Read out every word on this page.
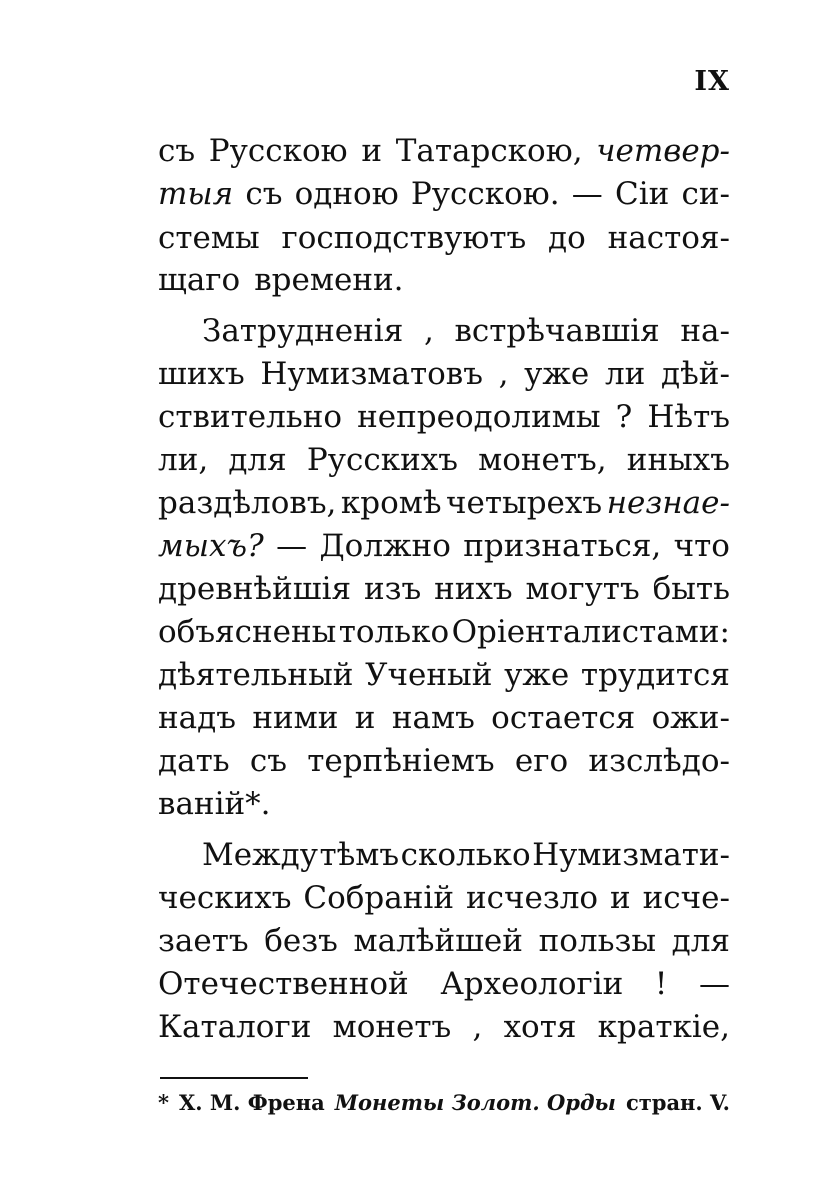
IX
съ Русскою и Татарскою, четвер-
тыя съ одною Русскою. — Сіи си-
стемы господствуютъ до настоя-
щаго времени.
Затрудненія , встрѣчавшія на-
шихъ Нумизматовъ , уже ли дѣй-
ствительно непреодолимы ? Нѣтъ
ли, для Русскихъ монетъ, иныхъ
раздѣловъ, кромѣ четырехъ незнае-
мыхъ? — Должно признаться, что
древнѣйшія изъ нихъ могутъ быть
объяснены только Оріенталистами:
дѣятельный Ученый уже трудится
надъ ними и намъ остается ожи-
дать съ терпѣніемъ его изслѣдо-
ваній*.
Между тѣмъ сколько Нумизмати-
ческихъ Собраній исчезло и исче-
заетъ безъ малѣйшей пользы для
Отечественной Археологіи ! —
Каталоги монетъ , хотя краткіе,
* Х. М. Френа Монеты Золот. Орды стран. V.
